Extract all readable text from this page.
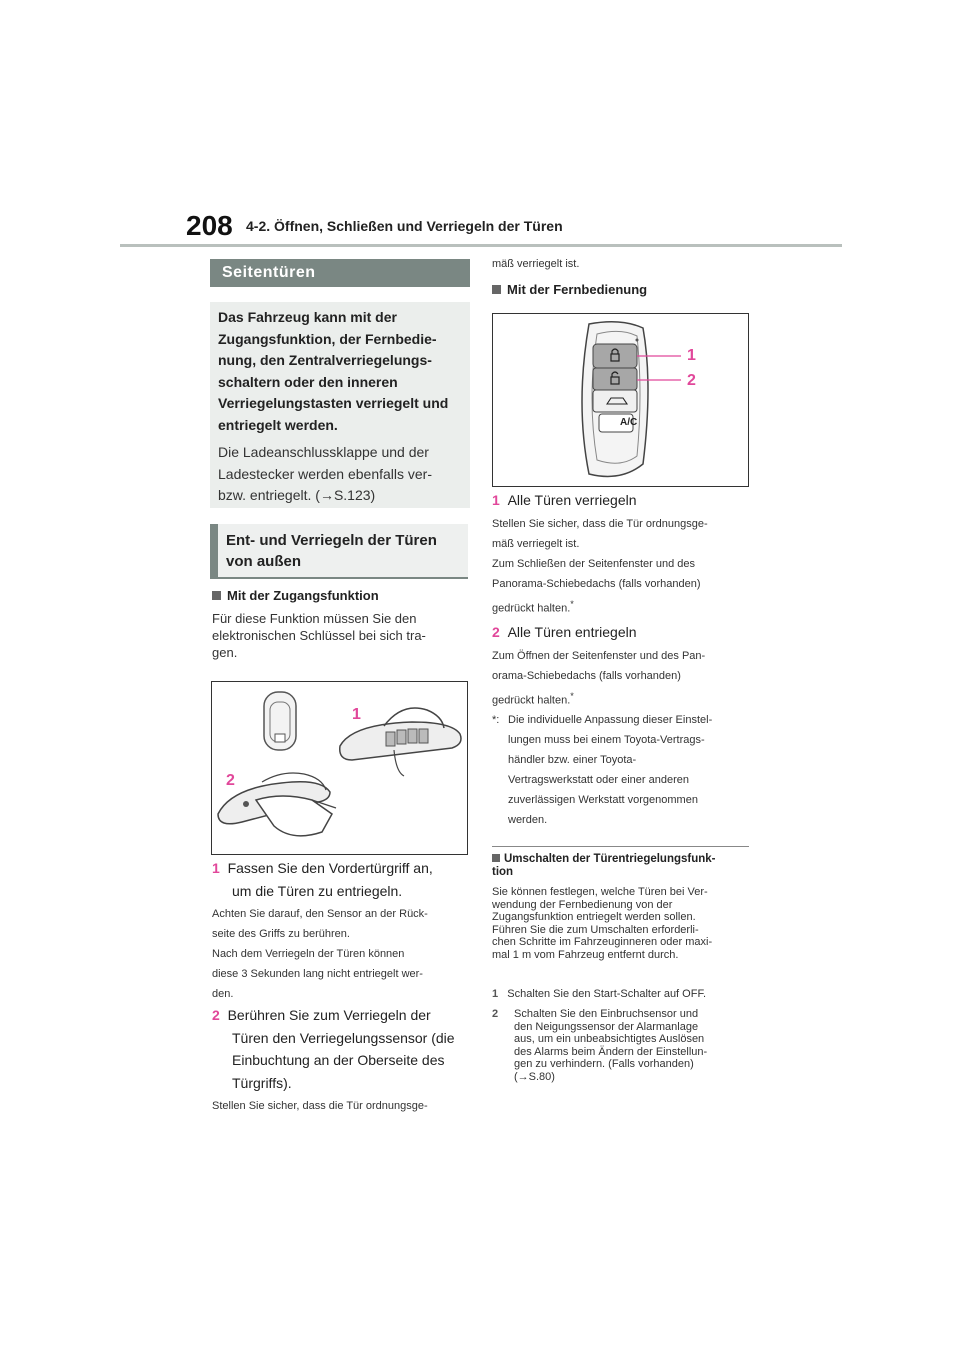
208 4-2. Öffnen, Schließen und Verriegeln der Türen
Seitentüren
Das Fahrzeug kann mit der
Zugangsfunktion, der Fernbedie-
nung, den Zentralverriegelungs-
schaltern oder den inneren
Verriegelungstasten verriegelt und
entriegelt werden.
Die Ladeanschlussklappe und der
Ladestecker werden ebenfalls ver-
bzw. entriegelt. (→S.123)
Ent- und Verriegeln der Türen
von außen
Mit der Zugangsfunktion
Für diese Funktion müssen Sie den
elektronischen Schlüssel bei sich tra-
gen.
1
2
1 Fassen Sie den Vordertürgriff an,
um die Türen zu entriegeln.
Achten Sie darauf, den Sensor an der Rück-
seite des Griffs zu berühren.
Nach dem Verriegeln der Türen können
diese 3 Sekunden lang nicht entriegelt wer-
den.
2 Berühren Sie zum Verriegeln der
Türen den Verriegelungssensor (die
Einbuchtung an der Oberseite des
Türgriffs).
Stellen Sie sicher, dass die Tür ordnungsge-
mäß verriegelt ist.
Mit der Fernbedienung
A/C
1
2
1 Alle Türen verriegeln
Stellen Sie sicher, dass die Tür ordnungsge-
mäß verriegelt ist.
Zum Schließen der Seitenfenster und des
Panorama-Schiebedachs (falls vorhanden)
gedrückt halten.*
2 Alle Türen entriegeln
Zum Öffnen der Seitenfenster und des Pan-
orama-Schiebedachs (falls vorhanden)
gedrückt halten.*
*: Die individuelle Anpassung dieser Einstel-
lungen muss bei einem Toyota-Vertrags-
händler bzw. einer Toyota-
Vertragswerkstatt oder einer anderen
zuverlässigen Werkstatt vorgenommen
werden.
Umschalten der Türentriegelungsfunk-
tion
Sie können festlegen, welche Türen bei Ver-
wendung der Fernbedienung von der
Zugangsfunktion entriegelt werden sollen.
Führen Sie die zum Umschalten erforderli-
chen Schritte im Fahrzeuginneren oder maxi-
mal 1 m vom Fahrzeug entfernt durch.
1 Schalten Sie den Start-Schalter auf OFF.
2	Schalten Sie den Einbruchsensor und
den Neigungssensor der Alarmanlage
aus, um ein unbeabsichtigtes Auslösen
des Alarms beim Ändern der Einstellun-
gen zu verhindern. (Falls vorhanden)
(→S.80)
